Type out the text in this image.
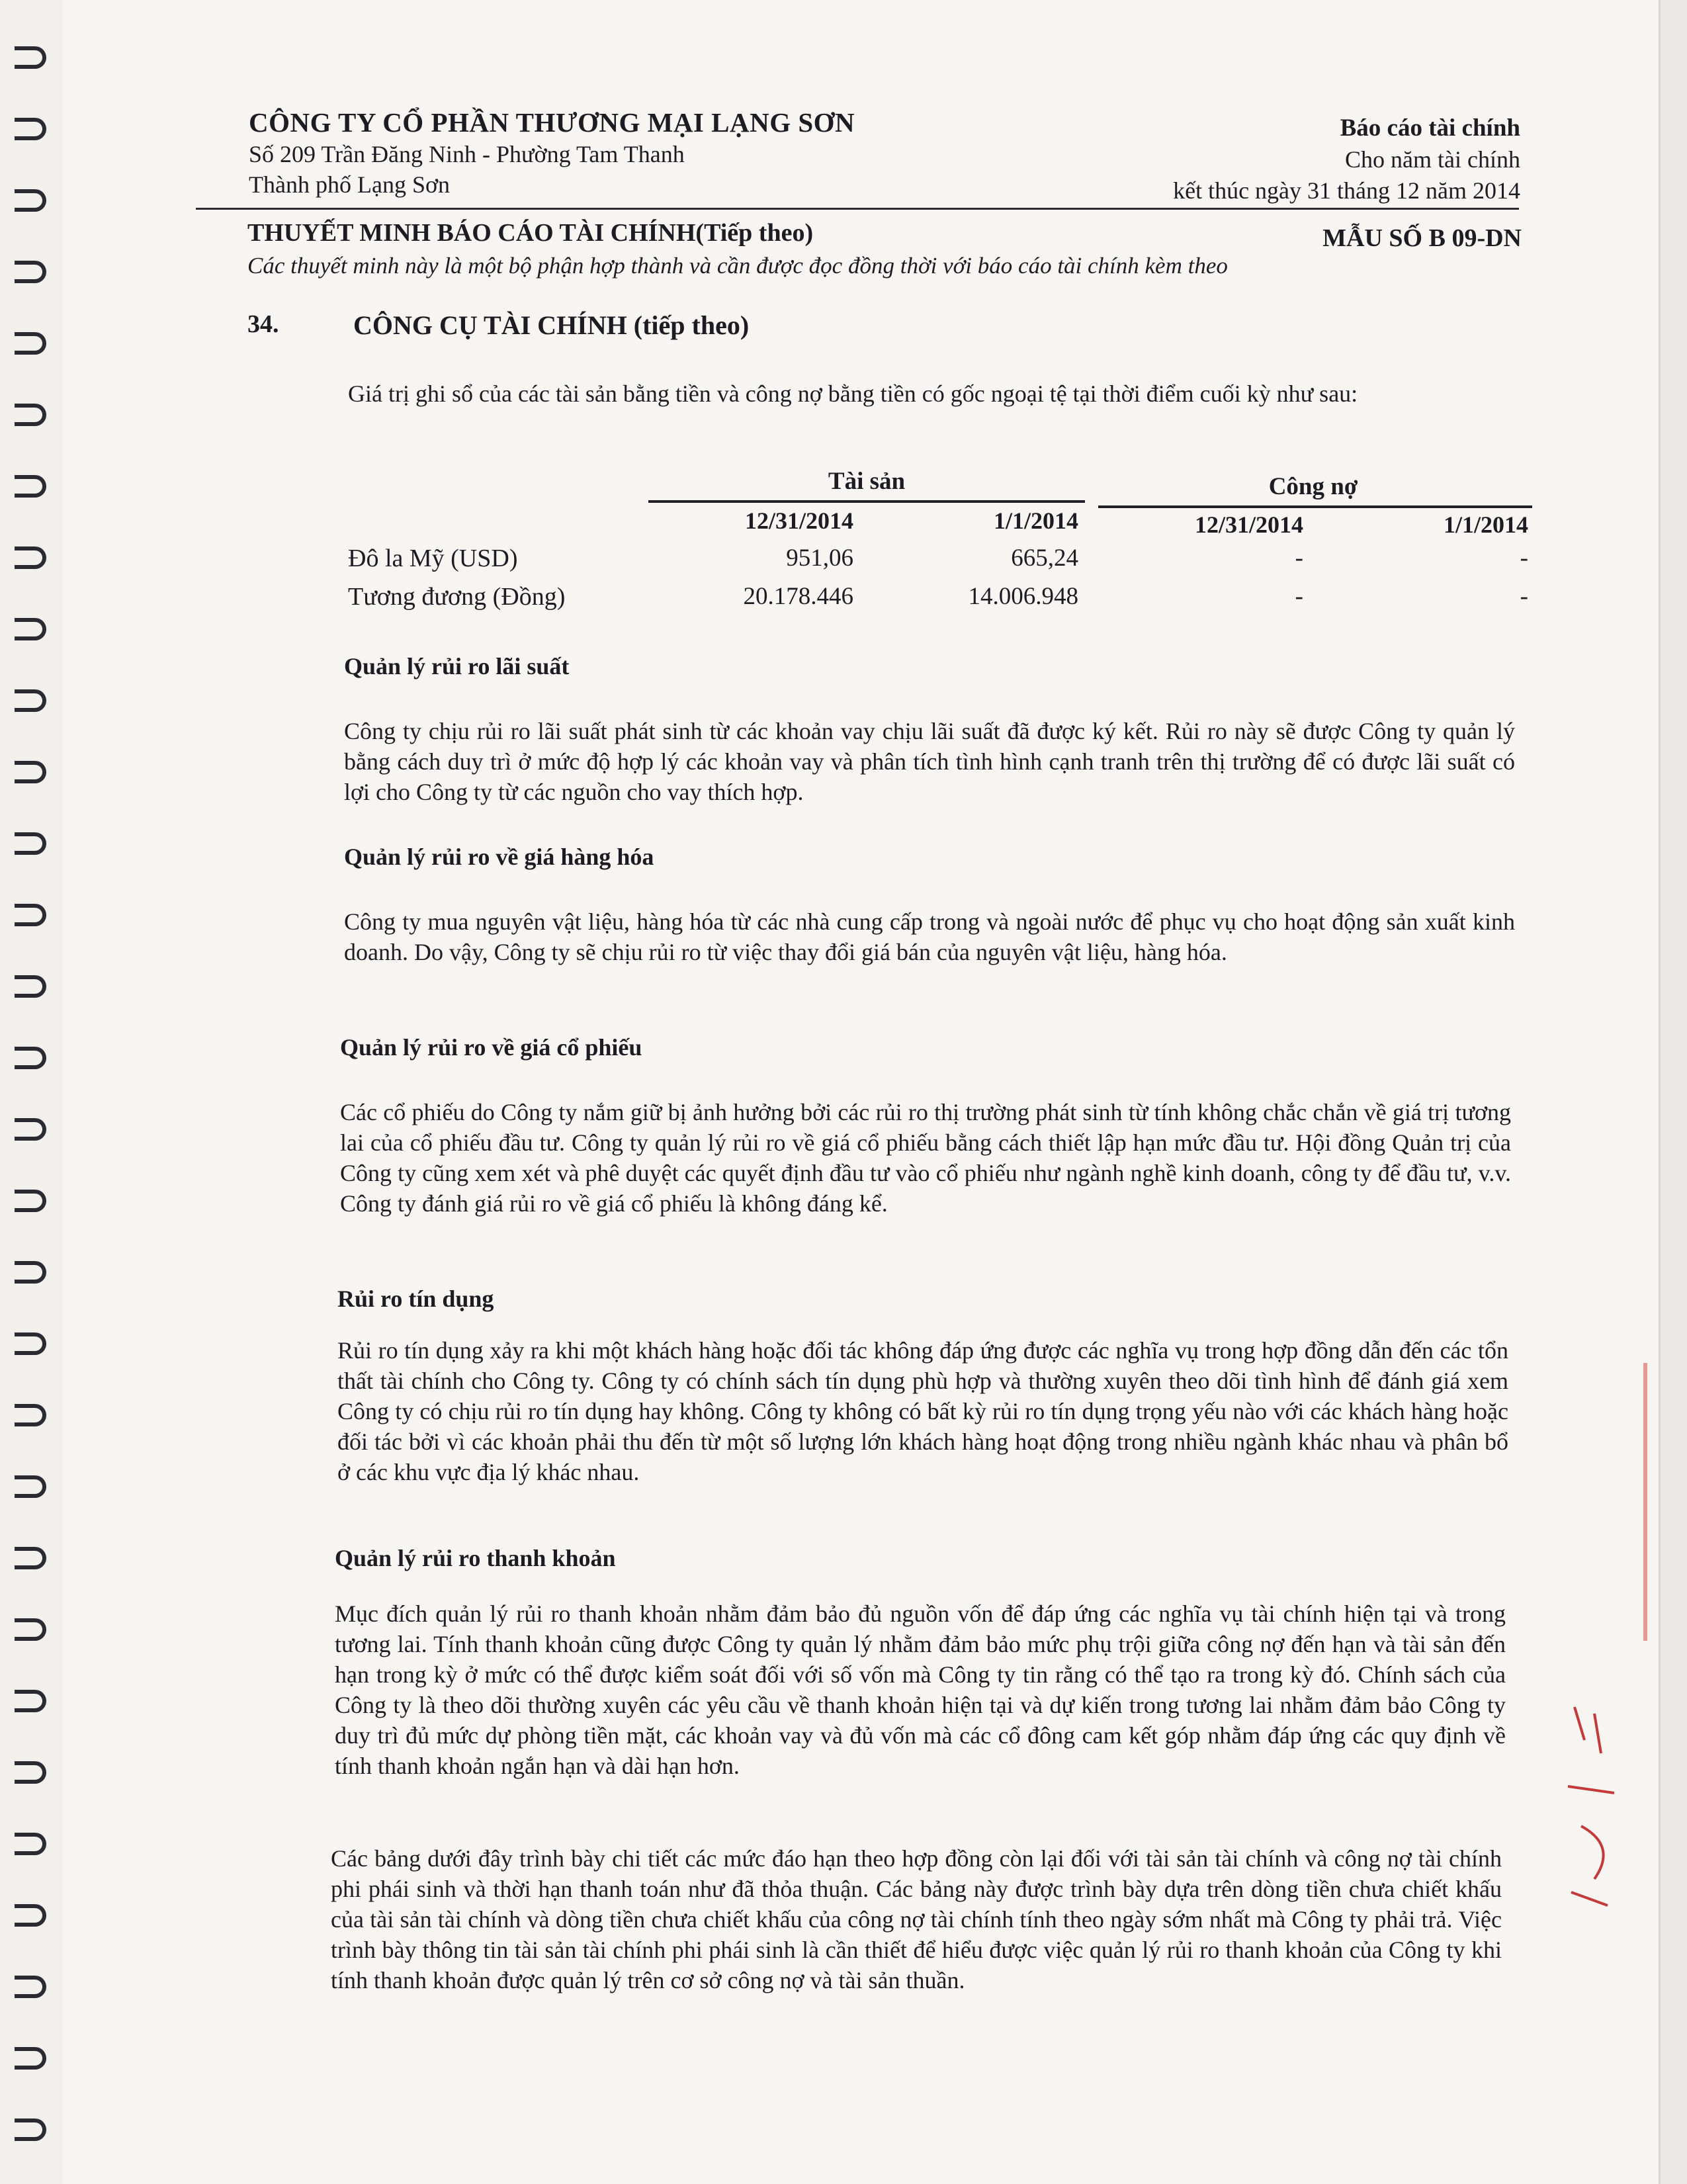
CÔNG TY CỔ PHẦN THƯƠNG MẠI LẠNG SƠN

Số 209 Trần Đăng Ninh - Phường Tam Thanh

Thành phố Lạng Sơn

Báo cáo tài chính

Cho năm tài chính

kết thúc ngày 31 tháng 12 năm 2014

THUYẾT MINH BÁO CÁO TÀI CHÍNH(Tiếp theo)	MẪU SỐ B 09-DN
Các thuyết minh này là một bộ phận hợp thành và cần được đọc đồng thời với báo cáo tài chính kèm theo
34.	CÔNG CỤ TÀI CHÍNH (tiếp theo)

Giá trị ghi sổ của các tài sản bằng tiền và công nợ bằng tiền có gốc ngoại tệ tại thời điểm cuối kỳ như sau:

Tài sản	Công nợ
12/31/2014	1/1/2014	12/31/2014	1/1/2014
Đô la Mỹ (USD)	951,06	665,24	-	-
Tương đương (Đồng)	20.178.446	14.006.948	-	-

Quản lý rủi ro lãi suất

Công ty chịu rủi ro lãi suất phát sinh từ các khoản vay chịu lãi suất đã được ký kết. Rủi ro này sẽ được Công ty quản lý bằng cách duy trì ở mức độ hợp lý các khoản vay và phân tích tình hình cạnh tranh trên thị trường để có được lãi suất có lợi cho Công ty từ các nguồn cho vay thích hợp.

Quản lý rủi ro về giá hàng hóa

Công ty mua nguyên vật liệu, hàng hóa từ các nhà cung cấp trong và ngoài nước để phục vụ cho hoạt động sản xuất kinh doanh. Do vậy, Công ty sẽ chịu rủi ro từ việc thay đổi giá bán của nguyên vật liệu, hàng hóa.

Quản lý rủi ro về giá cổ phiếu

Các cổ phiếu do Công ty nắm giữ bị ảnh hưởng bởi các rủi ro thị trường phát sinh từ tính không chắc chắn về giá trị tương lai của cổ phiếu đầu tư. Công ty quản lý rủi ro về giá cổ phiếu bằng cách thiết lập hạn mức đầu tư. Hội đồng Quản trị của Công ty cũng xem xét và phê duyệt các quyết định đầu tư vào cổ phiếu như ngành nghề kinh doanh, công ty để đầu tư, v.v. Công ty đánh giá rủi ro về giá cổ phiếu là không đáng kể.

Rủi ro tín dụng

Rủi ro tín dụng xảy ra khi một khách hàng hoặc đối tác không đáp ứng được các nghĩa vụ trong hợp đồng dẫn đến các tổn thất tài chính cho Công ty. Công ty có chính sách tín dụng phù hợp và thường xuyên theo dõi tình hình để đánh giá xem Công ty có chịu rủi ro tín dụng hay không. Công ty không có bất kỳ rủi ro tín dụng trọng yếu nào với các khách hàng hoặc đối tác bởi vì các khoản phải thu đến từ một số lượng lớn khách hàng hoạt động trong nhiều ngành khác nhau và phân bổ ở các khu vực địa lý khác nhau.

Quản lý rủi ro thanh khoản

Mục đích quản lý rủi ro thanh khoản nhằm đảm bảo đủ nguồn vốn để đáp ứng các nghĩa vụ tài chính hiện tại và trong tương lai. Tính thanh khoản cũng được Công ty quản lý nhằm đảm bảo mức phụ trội giữa công nợ đến hạn và tài sản đến hạn trong kỳ ở mức có thể được kiểm soát đối với số vốn mà Công ty tin rằng có thể tạo ra trong kỳ đó. Chính sách của Công ty là theo dõi thường xuyên các yêu cầu về thanh khoản hiện tại và dự kiến trong tương lai nhằm đảm bảo Công ty duy trì đủ mức dự phòng tiền mặt, các khoản vay và đủ vốn mà các cổ đông cam kết góp nhằm đáp ứng các quy định về tính thanh khoản ngắn hạn và dài hạn hơn.

Các bảng dưới đây trình bày chi tiết các mức đáo hạn theo hợp đồng còn lại đối với tài sản tài chính và công nợ tài chính phi phái sinh và thời hạn thanh toán như đã thỏa thuận. Các bảng này được trình bày dựa trên dòng tiền chưa chiết khấu của tài sản tài chính và dòng tiền chưa chiết khấu của công nợ tài chính tính theo ngày sớm nhất mà Công ty phải trả. Việc trình bày thông tin tài sản tài chính phi phái sinh là cần thiết để hiểu được việc quản lý rủi ro thanh khoản của Công ty khi tính thanh khoản được quản lý trên cơ sở công nợ và tài sản thuần.
